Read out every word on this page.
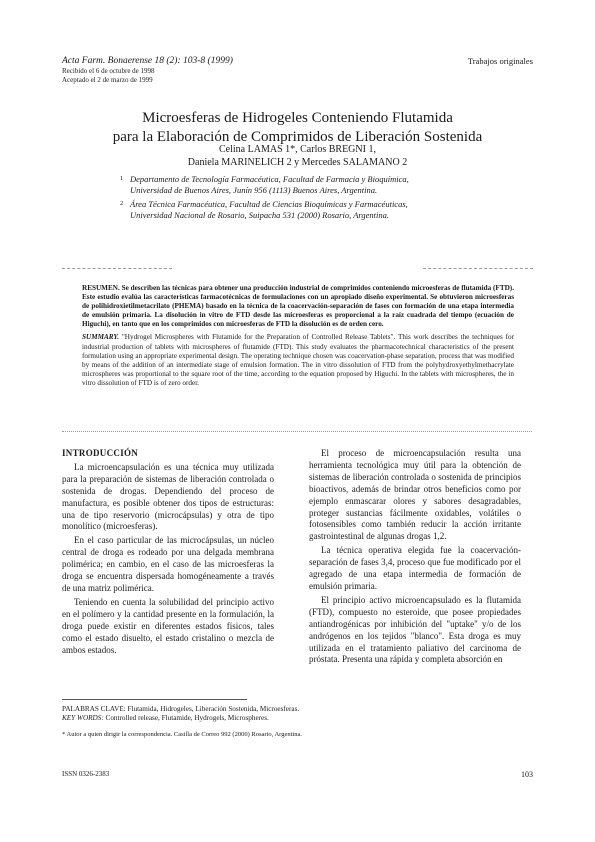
Acta Farm. Bonaerense 18 (2): 103-8 (1999)	Trabajos originales
Recibido el 6 de octubre de 1998
Aceptado el 2 de marzo de 1999
Microesferas de Hidrogeles Conteniendo Flutamida
para la Elaboración de Comprimidos de Liberación Sostenida
Celina LAMAS 1*, Carlos BREGNI 1,
Daniela MARINELICH 2 y Mercedes SALAMANO 2
1 Departamento de Tecnología Farmacéutica, Facultad de Farmacia y Bioquímica,
Universidad de Buenos Aires, Junín 956 (1113) Buenos Aires, Argentina.
2 Área Técnica Farmacéutica, Facultad de Ciencias Bioquímicas y Farmacéuticas,
Universidad Nacional de Rosario, Suipacha 531 (2000) Rosario, Argentina.

RESUMEN. Se describen las técnicas para obtener una producción industrial de comprimidos conteniendo microesferas de flutamida (FTD). Este estudio evalúa las características farmacotécnicas de formulaciones con un apropiado diseño experimental. Se obtuvieron microesferas de polihidroxietilmetacrilato (PHEMA) basado en la técnica de la coacervación-separación de fases con formación de una etapa intermedia de emulsión primaria. La disolución in vitro de FTD desde las microesferas es proporcional a la raíz cuadrada del tiempo (ecuación de Higuchi), en tanto que en los comprimidos con microesferas de FTD la disolución es de orden cero.

SUMMARY. "Hydrogel Microspheres with Flutamide for the Preparation of Controlled Release Tablets". This work describes the techniques for industrial production of tablets with microspheres of flutamide (FTD). This study evaluates the pharmacotechnical characteristics of the present formulation using an appropriate experimental design. The operating technique chosen was coacervation-phase separation, process that was modified by means of the addition of an intermediate stage of emulsion formation. The in vitro dissolution of FTD from the polyhydroxyethylmethacrylate microspheres was proportional to the square root of the time, according to the equation proposed by Higuchi. In the tablets with microspheres, the in vitro dissolution of FTD is of zero order.

INTRODUCCIÓN

La microencapsulación es una técnica muy utilizada para la preparación de sistemas de liberación controlada o sostenida de drogas. Dependiendo del proceso de manufactura, es posible obtener dos tipos de estructuras: una de tipo reservorio (microcápsulas) y otra de tipo monolítico (microesferas).

En el caso particular de las microcápsulas, un núcleo central de droga es rodeado por una delgada membrana polimérica; en cambio, en el caso de las microesferas la droga se encuentra dispersada homogéneamente a través de una matriz polimérica.

Teniendo en cuenta la solubilidad del principio activo en el polímero y la cantidad presente en la formulación, la droga puede existir en diferentes estados físicos, tales como el estado disuelto, el estado cristalino o mezcla de ambos estados.

El proceso de microencapsulación resulta una herramienta tecnológica muy útil para la obtención de sistemas de liberación controlada o sostenida de principios bioactivos, además de brindar otros beneficios como por ejemplo enmascarar olores y sabores desagradables, proteger sustancias fácilmente oxidables, volátiles o fotosensibles como también reducir la acción irritante gastrointestinal de algunas drogas 1,2.

La técnica operativa elegida fue la coacervación-separación de fases 3,4, proceso que fue modificado por el agregado de una etapa intermedia de formación de emulsión primaria.

El principio activo microencapsulado es la flutamida (FTD), compuesto no esteroide, que posee propiedades antiandrogénicas por inhibición del "uptake" y/o de los andrógenos en los tejidos "blanco". Esta droga es muy utilizada en el tratamiento paliativo del carcinoma de próstata. Presenta una rápida y completa absorción en

PALABRAS CLAVE: Flutamida, Hidrogeles, Liberación Sostenida, Microesferas.
KEY WORDS: Controlled release, Flutamide, Hydrogels, Microspheres.
* Autor a quien dirigir la correspondencia. Casilla de Correo 992 (2000) Rosario, Argentina.
ISSN 0326-2383	103
